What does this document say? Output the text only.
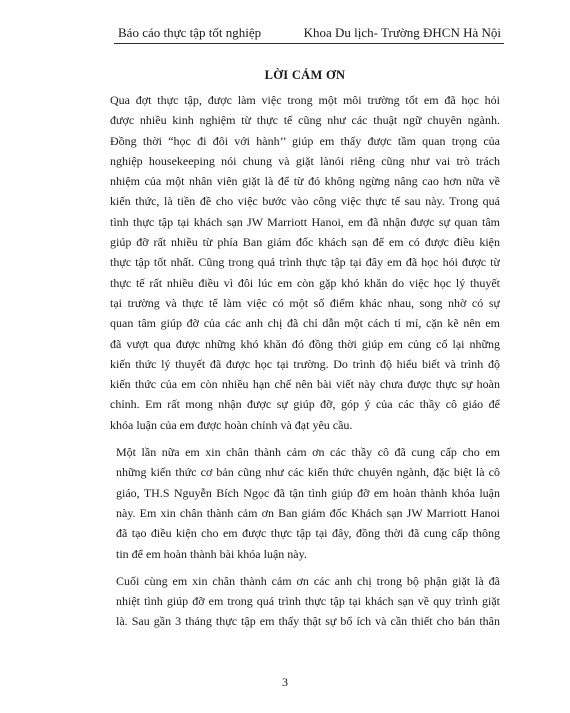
Báo cáo thực tập tốt nghiệp	Khoa Du lịch- Trường ĐHCN Hà Nội
LỜI CẢM ƠN
Qua đợt thực tập, được làm việc trong một môi trường tốt em đã học hỏi
được nhiều kinh nghiệm từ thực tế cũng như các thuật ngữ chuyên ngành.
Đồng thời “học đi đôi với hành’’ giúp em thấy được tầm quan trọng của
nghiệp housekeeping nói chung và giặt lànói riêng cũng như vai trò trách
nhiệm của một nhân viên giặt là để từ đó không ngừng nâng cao hơn nữa về
kiến thức, là tiền đề cho việc bước vào công việc thực tế sau này. Trong quá
tình thực tập tại khách sạn JW Marriott Hanoi, em đã nhận được sự quan tâm
giúp đỡ rất nhiều từ phía Ban giám đốc khách sạn để em có được điều kiện
thực tập tốt nhất. Cũng trong quá trình thực tập tại đây em đã học hỏi được từ
thực tế rất nhiều điều vì đôi lúc em còn gặp khó khăn do việc học lý thuyết
tại trường và thực tế làm việc có một số điểm khác nhau, song nhờ có sự
quan tâm giúp đỡ của các anh chị đã chỉ dẫn một cách tỉ mỉ, cặn kẽ nên em
đã vượt qua được những khó khăn đó đồng thời giúp em củng cố lại những
kiến thức lý thuyết đã được học tại trường. Do trình độ hiểu biết và trình độ
kiến thức của em còn nhiều hạn chế nên bài viết này chưa được thực sự hoàn
chỉnh. Em rất mong nhận được sự giúp đỡ, góp ý của các thầy cô giáo để
khóa luận của em được hoàn chỉnh và đạt yêu cầu.
Một lần nữa em xin chân thành cảm ơn các thầy cô đã cung cấp cho em
những kiến thức cơ bản cũng như các kiến thức chuyên ngành, đặc biệt là cô
giáo, TH.S Nguyễn Bích Ngọc đã tận tình giúp đỡ em hoàn thành khóa luận
này. Em xin chân thành cảm ơn Ban giám đốc Khách sạn JW Marriott Hanoi
đã tạo điều kiện cho em được thực tập tại đây, đồng thời đã cung cấp thông
tin để em hoàn thành bài khóa luận này.
Cuối cùng em xin chân thành cảm ơn các anh chị trong bộ phận giặt là đã
nhiệt tình giúp đỡ em trong quá trình thực tập tại khách sạn về quy trình giặt
là. Sau gần 3 tháng thực tập em thấy thật sự bổ ích và cần thiết cho bản thân
3
